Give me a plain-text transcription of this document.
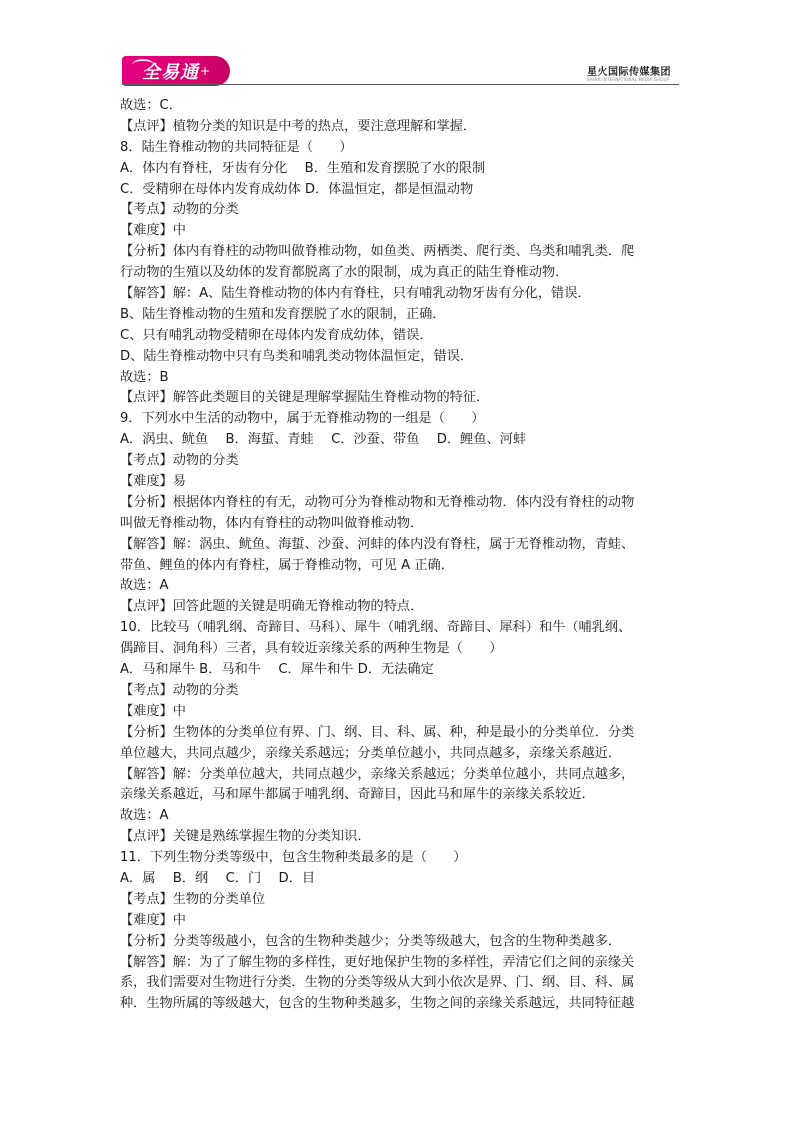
全易通 +	星火国际传媒集团
SPARK INTERNATIONAL MEDIA GROUP
故选：C．
【点评】植物分类的知识是中考的热点，要注意理解和掌握．
8．陆生脊椎动物的共同特征是（　　）
A．体内有脊柱，牙齿有分化　 B．生殖和发育摆脱了水的限制
C．受精卵在母体内发育成幼体 D．体温恒定，都是恒温动物
【考点】动物的分类
【难度】中
【分析】体内有脊柱的动物叫做脊椎动物，如鱼类、两栖类、爬行类、鸟类和哺乳类．爬
行动物的生殖以及幼体的发育都脱离了水的限制，成为真正的陆生脊椎动物．
【解答】解：A、陆生脊椎动物的体内有脊柱，只有哺乳动物牙齿有分化，错误．
B、陆生脊椎动物的生殖和发育摆脱了水的限制，正确．
C、只有哺乳动物受精卵在母体内发育成幼体，错误．
D、陆生脊椎动物中只有鸟类和哺乳类动物体温恒定，错误．
故选：B
【点评】解答此类题目的关键是理解掌握陆生脊椎动物的特征．
9．下列水中生活的动物中，属于无脊椎动物的一组是（　　）
A．涡虫、鱿鱼　 B．海蜇、青蛙　 C．沙蚕、带鱼　 D．鲤鱼、河蚌
【考点】动物的分类
【难度】易
【分析】根据体内脊柱的有无，动物可分为脊椎动物和无脊椎动物．体内没有脊柱的动物
叫做无脊椎动物，体内有脊柱的动物叫做脊椎动物．
【解答】解：涡虫、鱿鱼、海蜇、沙蚕、河蚌的体内没有脊柱，属于无脊椎动物，青蛙、
带鱼、鲤鱼的体内有脊柱，属于脊椎动物，可见 A 正确．
故选：A
【点评】回答此题的关键是明确无脊椎动物的特点．
10．比较马（哺乳纲、奇蹄目、马科）、犀牛（哺乳纲、奇蹄目、犀科）和牛（哺乳纲、
偶蹄目、洞角科）三者，具有较近亲缘关系的两种生物是（　　）
A．马和犀牛 B．马和牛　 C．犀牛和牛 D．无法确定
【考点】动物的分类
【难度】中
【分析】生物体的分类单位有界、门、纲、目、科、属、种，种是最小的分类单位．分类
单位越大，共同点越少，亲缘关系越远；分类单位越小，共同点越多，亲缘关系越近．
【解答】解：分类单位越大，共同点越少，亲缘关系越远；分类单位越小，共同点越多，
亲缘关系越近，马和犀牛都属于哺乳纲、奇蹄目，因此马和犀牛的亲缘关系较近．
故选：A
【点评】关键是熟练掌握生物的分类知识．
11．下列生物分类等级中，包含生物种类最多的是（　　）
A．属　 B．纲　 C．门　 D．目
【考点】生物的分类单位
【难度】中
【分析】分类等级越小，包含的生物种类越少；分类等级越大，包含的生物种类越多．
【解答】解：为了了解生物的多样性，更好地保护生物的多样性，弄清它们之间的亲缘关
系，我们需要对生物进行分类．生物的分类等级从大到小依次是界、门、纲、目、科、属
种．生物所属的等级越大，包含的生物种类越多，生物之间的亲缘关系越远，共同特征越
